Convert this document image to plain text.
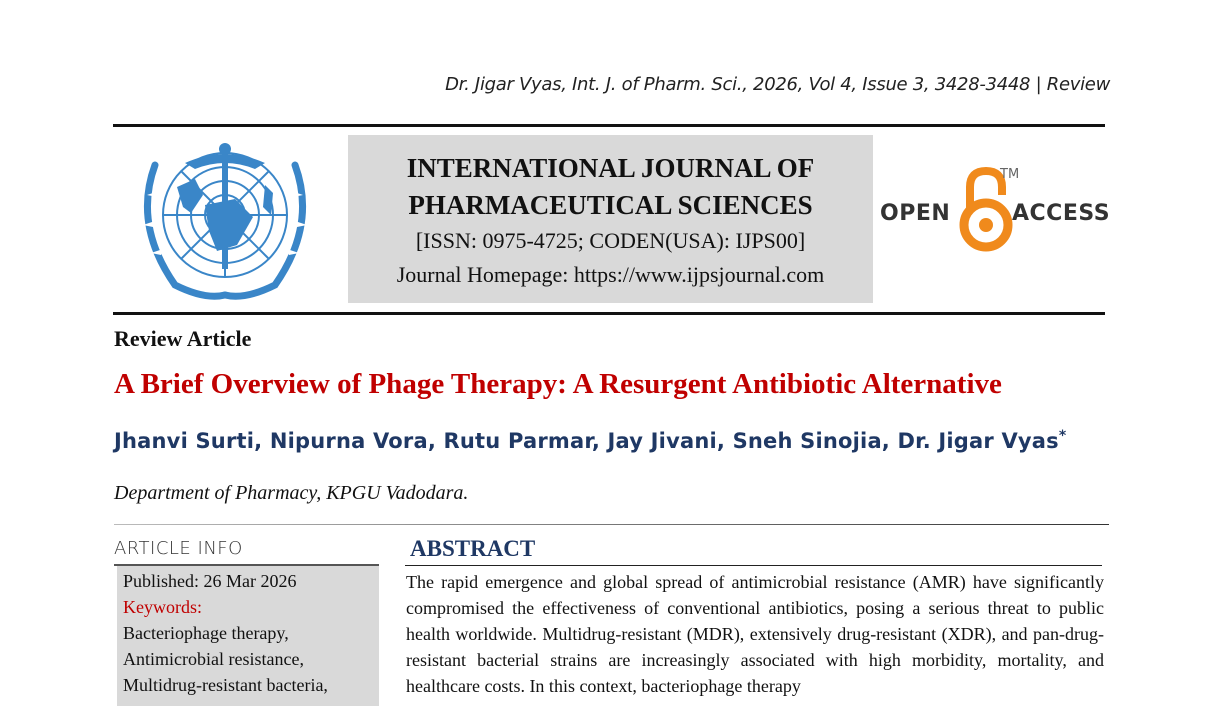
Dr. Jigar Vyas, Int. J. of Pharm. Sci., 2026, Vol 4, Issue 3, 3428-3448 | Review
INTERNATIONAL JOURNAL OF
PHARMACEUTICAL SCIENCES
[ISSN: 0975-4725; CODEN(USA): IJPS00]
Journal Homepage: https://www.ijpsjournal.com
OPEN
TM
ACCESS
Review Article
A Brief Overview of Phage Therapy: A Resurgent Antibiotic Alternative
Jhanvi Surti, Nipurna Vora, Rutu Parmar, Jay Jivani, Sneh Sinojia, Dr. Jigar Vyas*
Department of Pharmacy, KPGU Vadodara.
ARTICLE INFO
Published: 26 Mar 2026
Keywords:
Bacteriophage therapy,
Antimicrobial resistance,
Multidrug-resistant bacteria,
ABSTRACT
The rapid emergence and global spread of antimicrobial resistance (AMR) have significantly compromised the effectiveness of conventional antibiotics, posing a serious threat to public health worldwide. Multidrug-resistant (MDR), extensively drug-resistant (XDR), and pan-drug-resistant bacterial strains are increasingly associated with high morbidity, mortality, and healthcare costs. In this context, bacteriophage therapy
